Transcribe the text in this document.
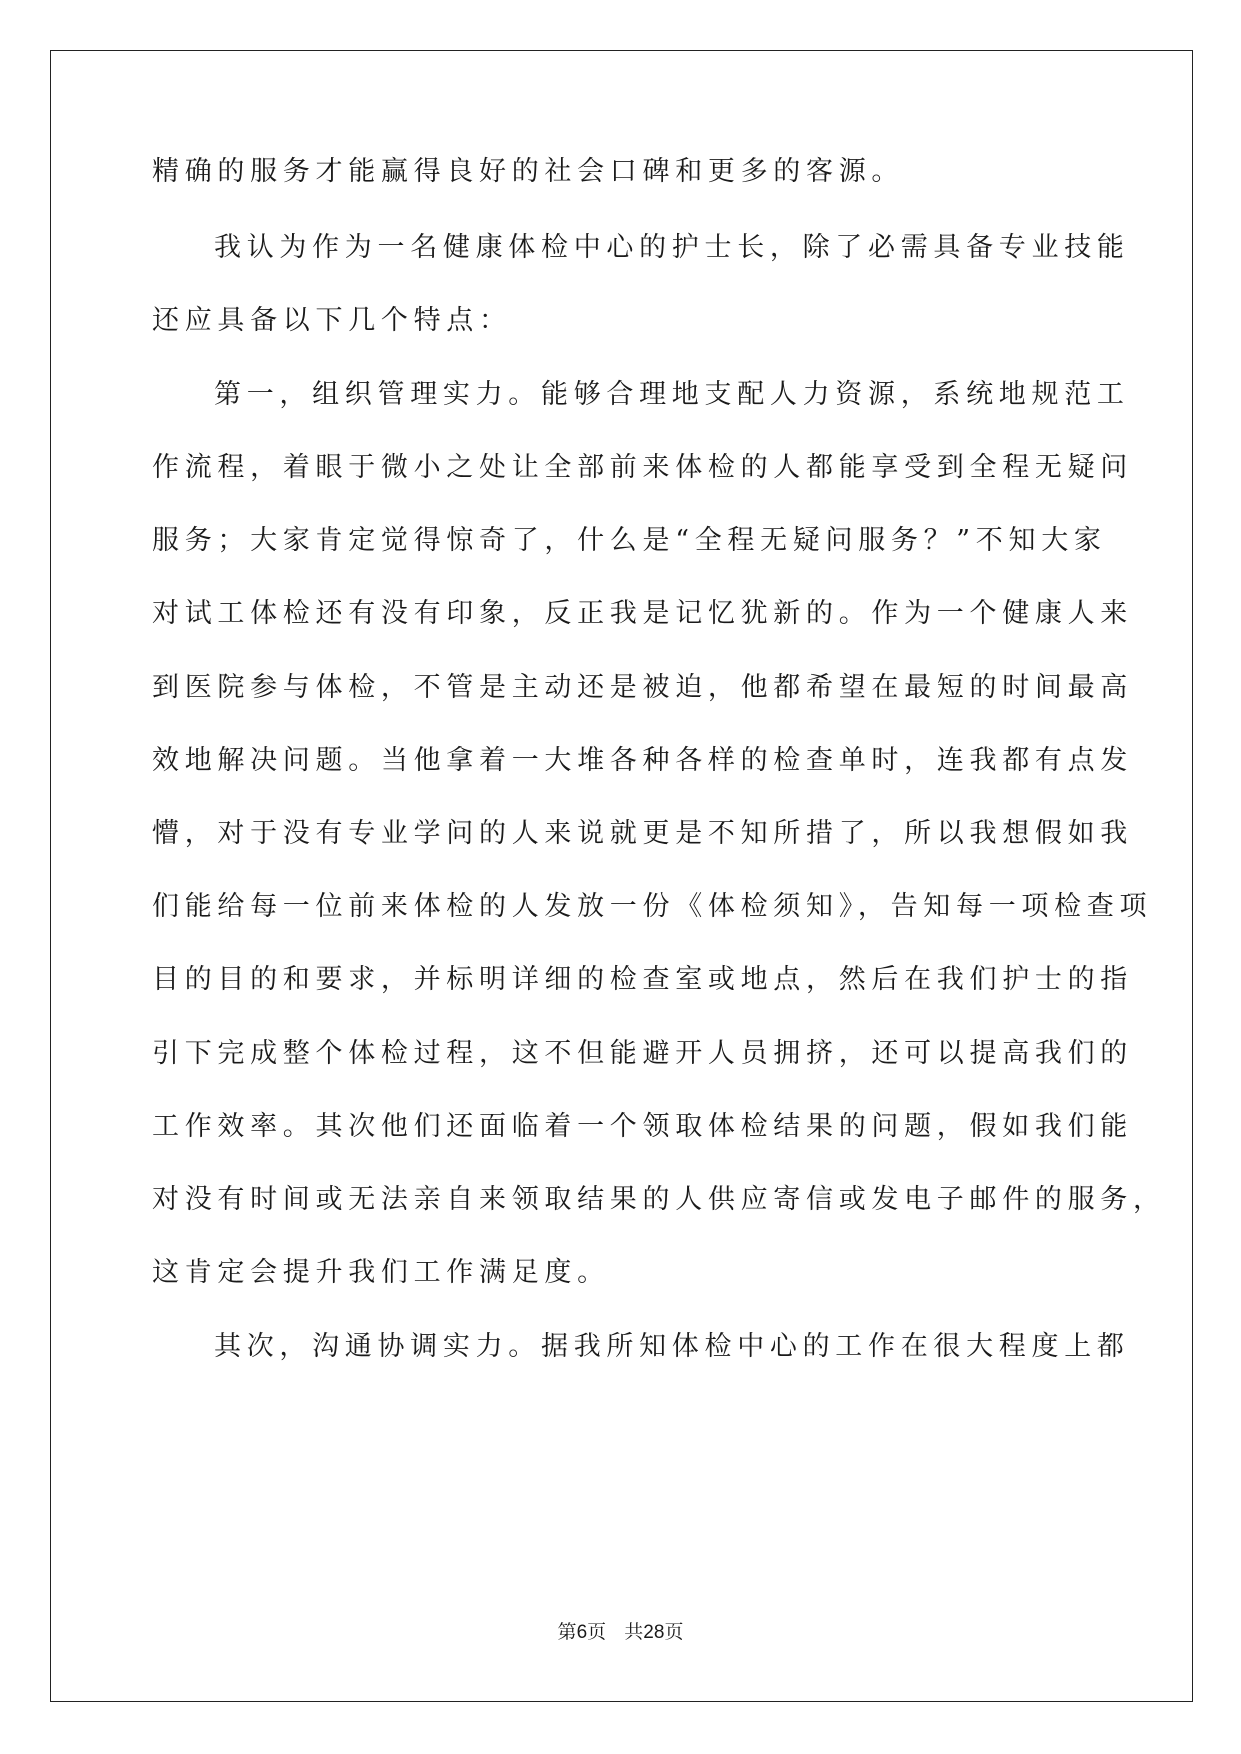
精确的服务才能赢得良好的社会口碑和更多的客源。
我认为作为一名健康体检中心的护士长，除了必需具备专业技能
还应具备以下几个特点：
第一，组织管理实力。能够合理地支配人力资源，系统地规范工
作流程，着眼于微小之处让全部前来体检的人都能享受到全程无疑问
服务；大家肯定觉得惊奇了，什么是“全程无疑问服务？”不知大家
对试工体检还有没有印象，反正我是记忆犹新的。作为一个健康人来
到医院参与体检，不管是主动还是被迫，他都希望在最短的时间最高
效地解决问题。当他拿着一大堆各种各样的检查单时，连我都有点发
懵，对于没有专业学问的人来说就更是不知所措了，所以我想假如我
们能给每一位前来体检的人发放一份《体检须知》，告知每一项检查项
目的目的和要求，并标明详细的检查室或地点，然后在我们护士的指
引下完成整个体检过程，这不但能避开人员拥挤，还可以提高我们的
工作效率。其次他们还面临着一个领取体检结果的问题，假如我们能
对没有时间或无法亲自来领取结果的人供应寄信或发电子邮件的服务，
这肯定会提升我们工作满足度。
其次，沟通协调实力。据我所知体检中心的工作在很大程度上都
第6页 共28页
